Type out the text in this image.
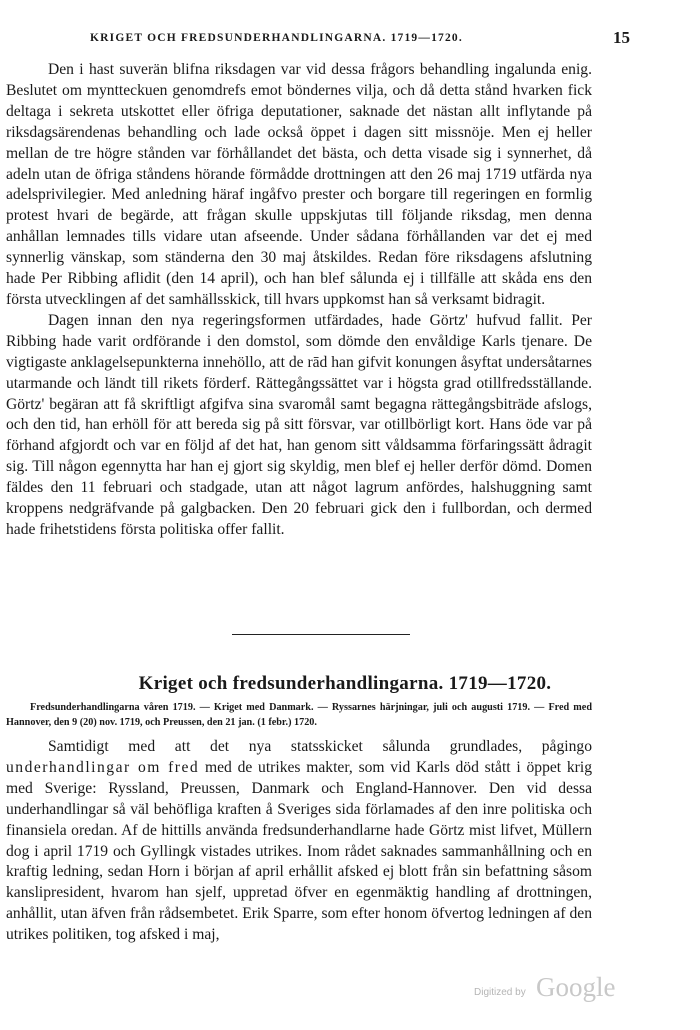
KRIGET OCH FREDSUNDERHANDLINGARNA. 1719—1720.	15

Den i hast suverän blifna riksdagen var vid dessa frågors behandling ingalunda enig. Beslutet om myntteckuen genomdrefs emot böndernes vilja, och då detta stånd hvarken fick deltaga i sekreta utskottet eller öfriga deputationer, saknade det nästan allt inflytande på riksdagsärendenas behandling och lade också öppet i dagen sitt missnöje. Men ej heller mellan de tre högre stånden var förhållandet det bästa, och detta visade sig i synnerhet, då adeln utan de öfriga ståndens hörande förmådde drottningen att den 26 maj 1719 utfärda nya adelsprivilegier. Med anledning häraf ingåfvo prester och borgare till regeringen en formlig protest hvari de begärde, att frågan skulle uppskjutas till följande riksdag, men denna anhållan lemnades tills vidare utan afseende. Under sådana förhållanden var det ej med synnerlig vänskap, som ständerna den 30 maj åtskildes. Redan före riksdagens afslutning hade Per Ribbing aflidit (den 14 april), och han blef sålunda ej i tillfälle att skåda ens den första utvecklingen af det samhällsskick, till hvars uppkomst han så verksamt bidragit.

Dagen innan den nya regeringsformen utfärdades, hade Görtz' hufvud fallit. Per Ribbing hade varit ordförande i den domstol, som dömde den envåldige Karls tjenare. De vigtigaste anklagelsepunkterna innehöllo, att de rād han gifvit konungen åsyftat undersåtarnes utarmande och ländt till rikets förderf. Rättegångssättet var i högsta grad otillfredsställande. Görtz' begäran att få skriftligt afgifva sina svaromål samt begagna rättegångsbiträde afslogs, och den tid, han erhöll för att bereda sig på sitt försvar, var otillbörligt kort. Hans öde var på förhand afgjordt och var en följd af det hat, han genom sitt våldsamma förfaringssätt ådragit sig. Till någon egennytta har han ej gjort sig skyldig, men blef ej heller derför dömd. Domen fäldes den 11 februari och stadgade, utan att något lagrum anfördes, halshuggning samt kroppens nedgräfvande på galgbacken. Den 20 februari gick den i fullbordan, och dermed hade frihetstidens första politiska offer fallit.

Kriget och fredsunderhandlingarna. 1719—1720.

Fredsunderhandlingarna våren 1719. — Kriget med Danmark. — Ryssarnes härjningar, juli och augusti 1719. — Fred med Hannover, den 9 (20) nov. 1719, och Preussen, den 21 jan. (1 febr.) 1720.

Samtidigt med att det nya statsskicket sålunda grundlades, pågingo underhandlingar om fred med de utrikes makter, som vid Karls död stått i öppet krig med Sverige: Ryssland, Preussen, Danmark och England-Hannover. Den vid dessa underhandlingar så väl behöfliga kraften å Sveriges sida förlamades af den inre politiska och finansiela oredan. Af de hittills använda fredsunderhandlarne hade Görtz mist lifvet, Müllern dog i april 1719 och Gyllingk vistades utrikes. Inom rådet saknades sammanhållning och en kraftig ledning, sedan Horn i början af april erhållit afsked ej blott från sin befattning såsom kanslipresident, hvarom han sjelf, uppretad öfver en egenmäktig handling af drottningen, anhållit, utan äfven från rådsembetet. Erik Sparre, som efter honom öfvertog ledningen af den utrikes politiken, tog afsked i maj,

Digitized by Google
